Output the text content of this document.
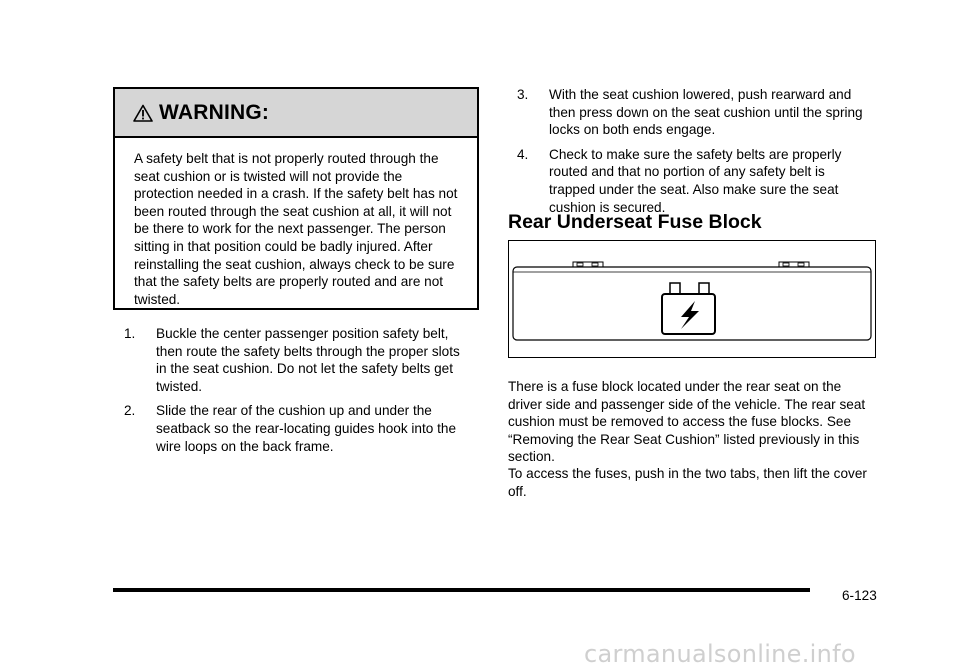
WARNING:
A safety belt that is not properly routed through the seat cushion or is twisted will not provide the protection needed in a crash. If the safety belt has not been routed through the seat cushion at all, it will not be there to work for the next passenger. The person sitting in that position could be badly injured. After reinstalling the seat cushion, always check to be sure that the safety belts are properly routed and are not twisted.
1. Buckle the center passenger position safety belt, then route the safety belts through the proper slots in the seat cushion. Do not let the safety belts get twisted.
2. Slide the rear of the cushion up and under the seatback so the rear-locating guides hook into the wire loops on the back frame.
3. With the seat cushion lowered, push rearward and then press down on the seat cushion until the spring locks on both ends engage.
4. Check to make sure the safety belts are properly routed and that no portion of any safety belt is trapped under the seat. Also make sure the seat cushion is secured.
Rear Underseat Fuse Block

There is a fuse block located under the rear seat on the driver side and passenger side of the vehicle. The rear seat cushion must be removed to access the fuse blocks. See “Removing the Rear Seat Cushion” listed previously in this section.

To access the fuses, push in the two tabs, then lift the cover off.

6-123
carmanualsonline.info
